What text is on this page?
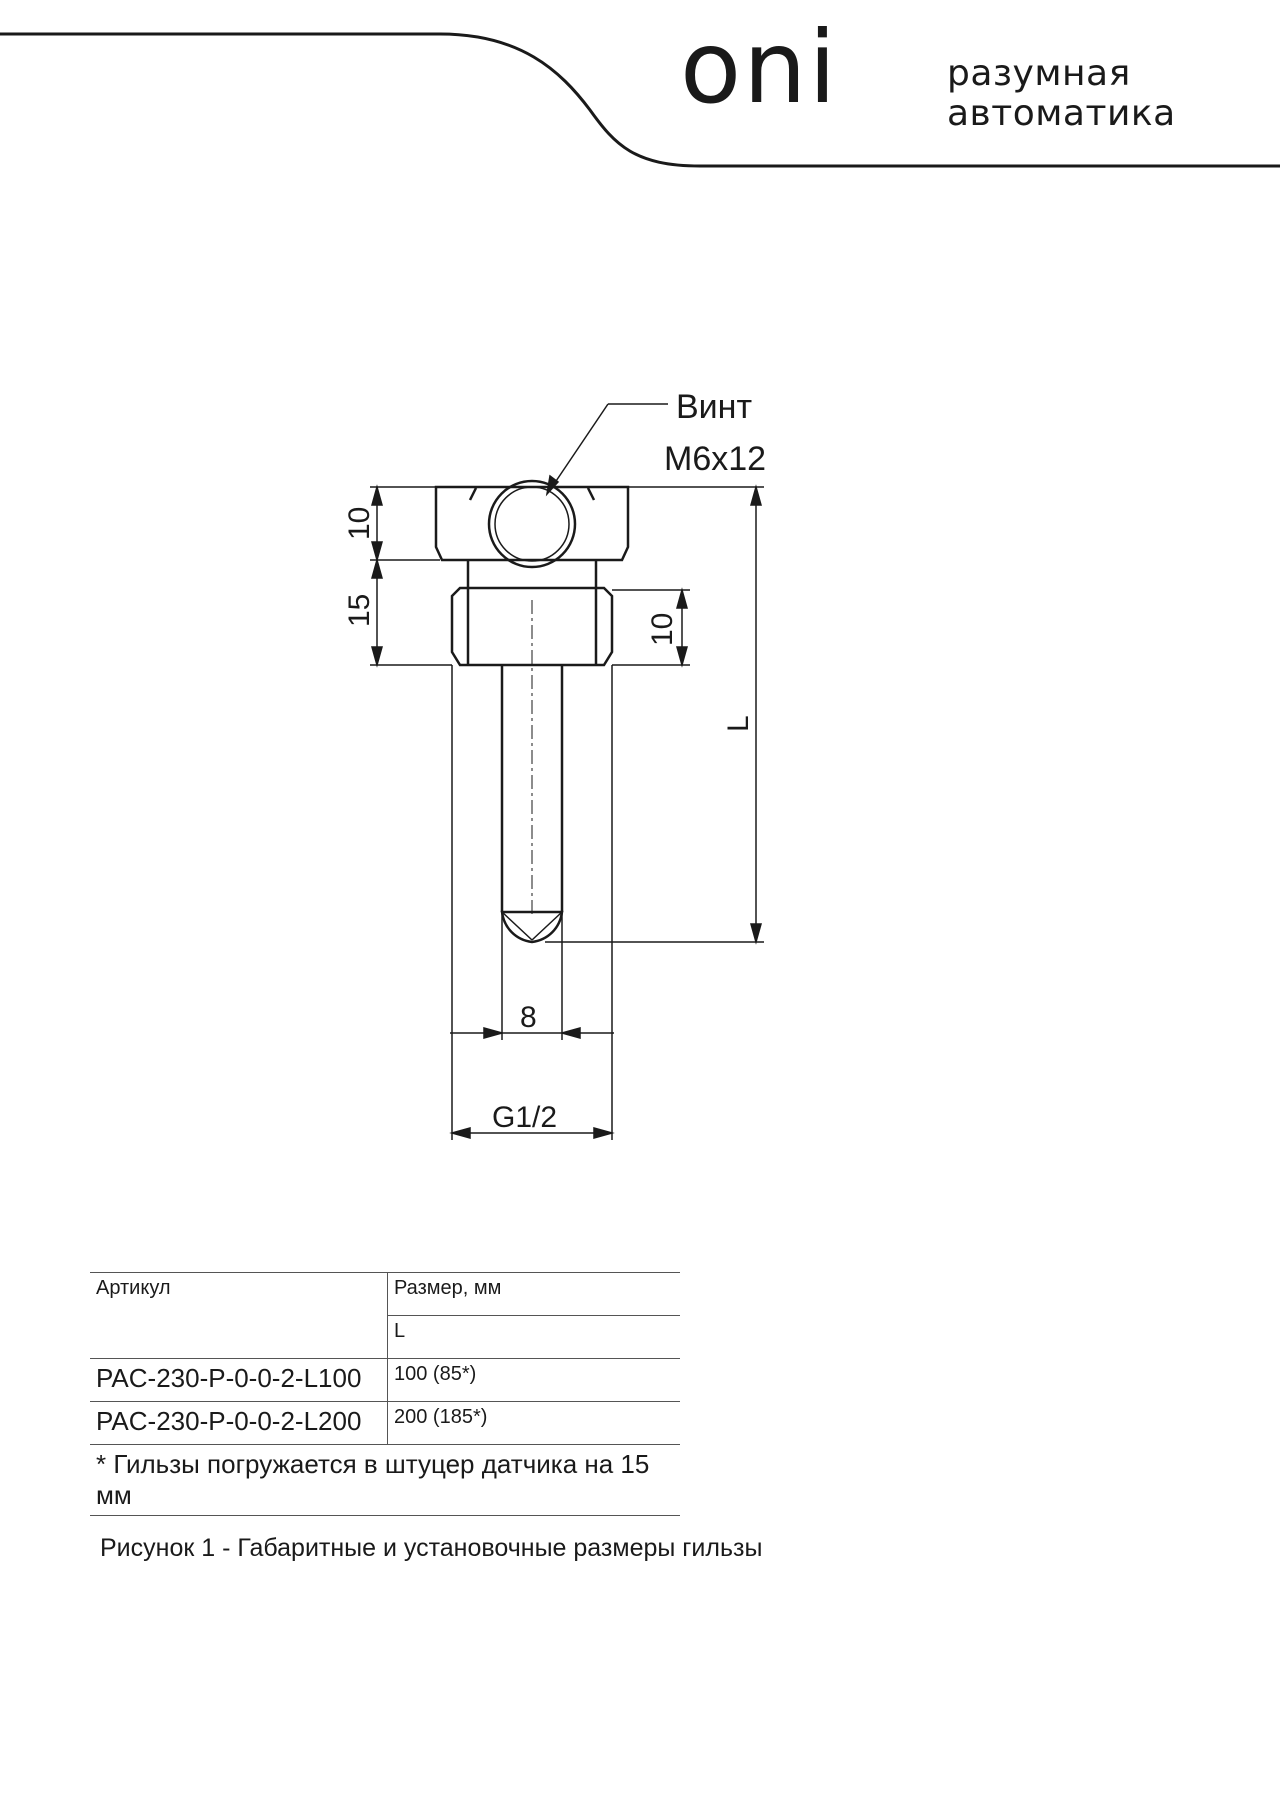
oni	разумная
автоматика
Винт
M6x12
10
15
10
L
8
G1/2
Артикул	Размер, мм
	L
PAC-230-P-0-0-2-L100	100 (85*)
PAC-230-P-0-0-2-L200	200 (185*)
* Гильзы погружается в штуцер датчика на 15 мм	
Рисунок 1 - Габаритные и установочные размеры гильзы
